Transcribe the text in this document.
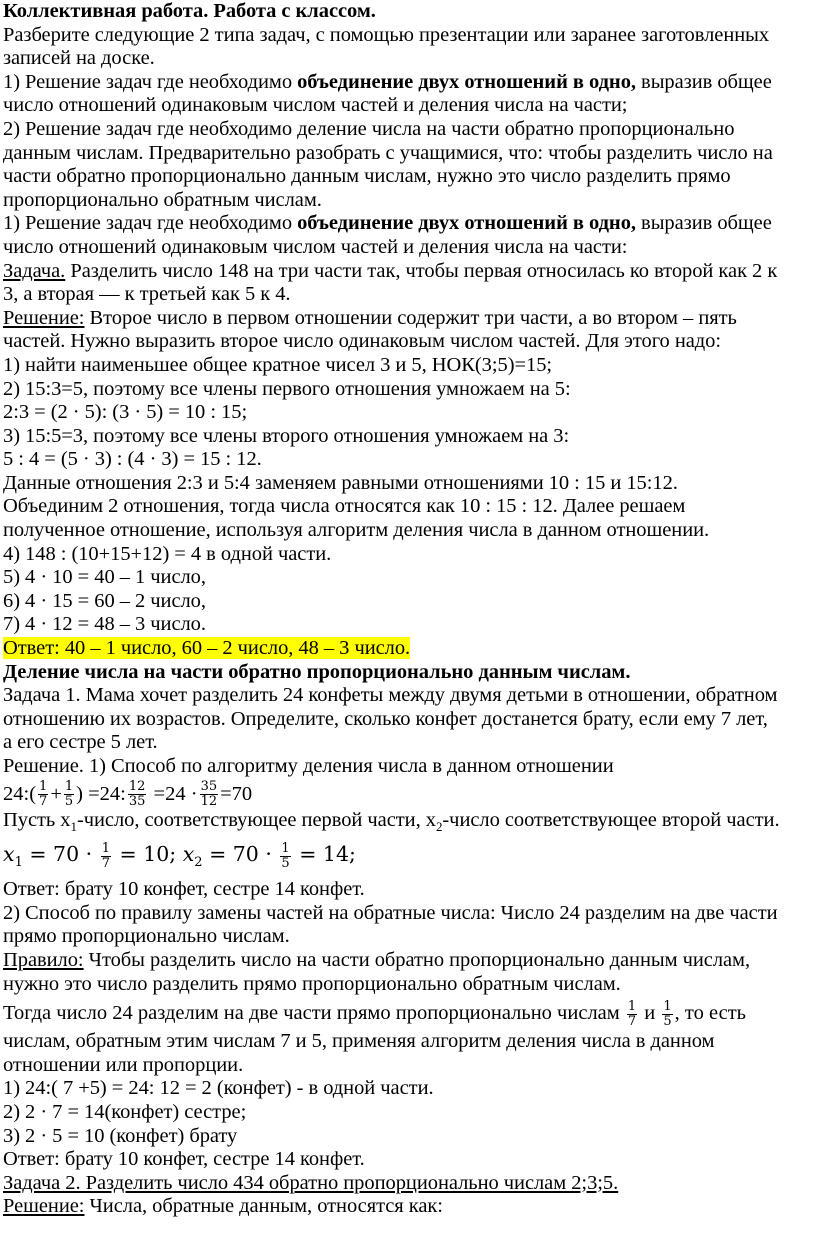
Коллективная работа. Работа с классом.
Разберите следующие 2 типа задач, с помощью презентации или заранее заготовленных
записей на доске.
1) Решение задач где необходимо объединение двух отношений в одно, выразив общее
число отношений одинаковым числом частей и деления числа на части;
2) Решение задач где необходимо деление числа на части обратно пропорционально
данным числам. Предварительно разобрать с учащимися, что: чтобы разделить число на
части обратно пропорционально данным числам, нужно это число разделить прямо
пропорционально обратным числам.
1) Решение задач где необходимо объединение двух отношений в одно, выразив общее
число отношений одинаковым числом частей и деления числа на части:
Задача. Разделить число 148 на три части так, чтобы первая относилась ко второй как 2 к
3, а вторая — к третьей как 5 к 4.
Решение: Второе число в первом отношении содержит три части, а во втором – пять
частей. Нужно выразить второе число одинаковым числом частей. Для этого надо:
1) найти наименьшее общее кратное чисел 3 и 5, НОК(3;5)=15;
2) 15:3=5, поэтому все члены первого отношения умножаем на 5:
2:3 = (2 · 5): (3 · 5) = 10 : 15;
3) 15:5=3, поэтому все члены второго отношения умножаем на 3:
5 : 4 = (5 · 3) : (4 · 3) = 15 : 12.
Данные отношения 2:3 и 5:4 заменяем равными отношениями 10 : 15 и 15:12.
Объединим 2 отношения, тогда числа относятся как 10 : 15 : 12. Далее решаем
полученное отношение, используя алгоритм деления числа в данном отношении.
4) 148 : (10+15+12) = 4 в одной части.
5) 4 · 10 = 40 – 1 число,
6) 4 · 15 = 60 – 2 число,
7) 4 · 12 = 48 – 3 число.
Ответ: 40 – 1 число, 60 – 2 число, 48 – 3 число.
Деление числа на части обратно пропорционально данным числам.
Задача 1. Мама хочет разделить 24 конфеты между двумя детьми в отношении, обратном
отношению их возрастов. Определите, сколько конфет достанется брату, если ему 7 лет,
а его сестре 5 лет.
Решение. 1) Способ по алгоритму деления числа в данном отношении
24:( $\frac{1}{7} + \frac{1}{5}$ ) =24: $\frac{12}{35} =24 \cdot \frac{35}{12} =70$
Пусть $x_1$-число, соответствующее первой части, $x_2$-число соответствующее второй части.
$x_1 = 70 \cdot \frac{1}{7} = 10$; $x_2 = 70 \cdot \frac{1}{5} = 14$;
Ответ: брату 10 конфет, сестре 14 конфет.
2) Способ по правилу замены частей на обратные числа: Число 24 разделим на две части
прямо пропорционально числам.
Правило: Чтобы разделить число на части обратно пропорционально данным числам,
нужно это число разделить прямо пропорционально обратным числам.
Тогда число 24 разделим на две части прямо пропорционально числам $\frac{1}{7}$ и $\frac{1}{5}$ , то есть
числам, обратным этим числам 7 и 5, применяя алгоритм деления числа в данном
отношении или пропорции.
1) 24:( 7 +5) = 24: 12 = 2 (конфет) - в одной части.
2) 2 · 7 = 14(конфет) сестре;
3) 2 · 5 = 10 (конфет) брату
Ответ: брату 10 конфет, сестре 14 конфет.
Задача 2. Разделить число 434 обратно пропорционально числам 2;3;5.
Решение: Числа, обратные данным, относятся как:
